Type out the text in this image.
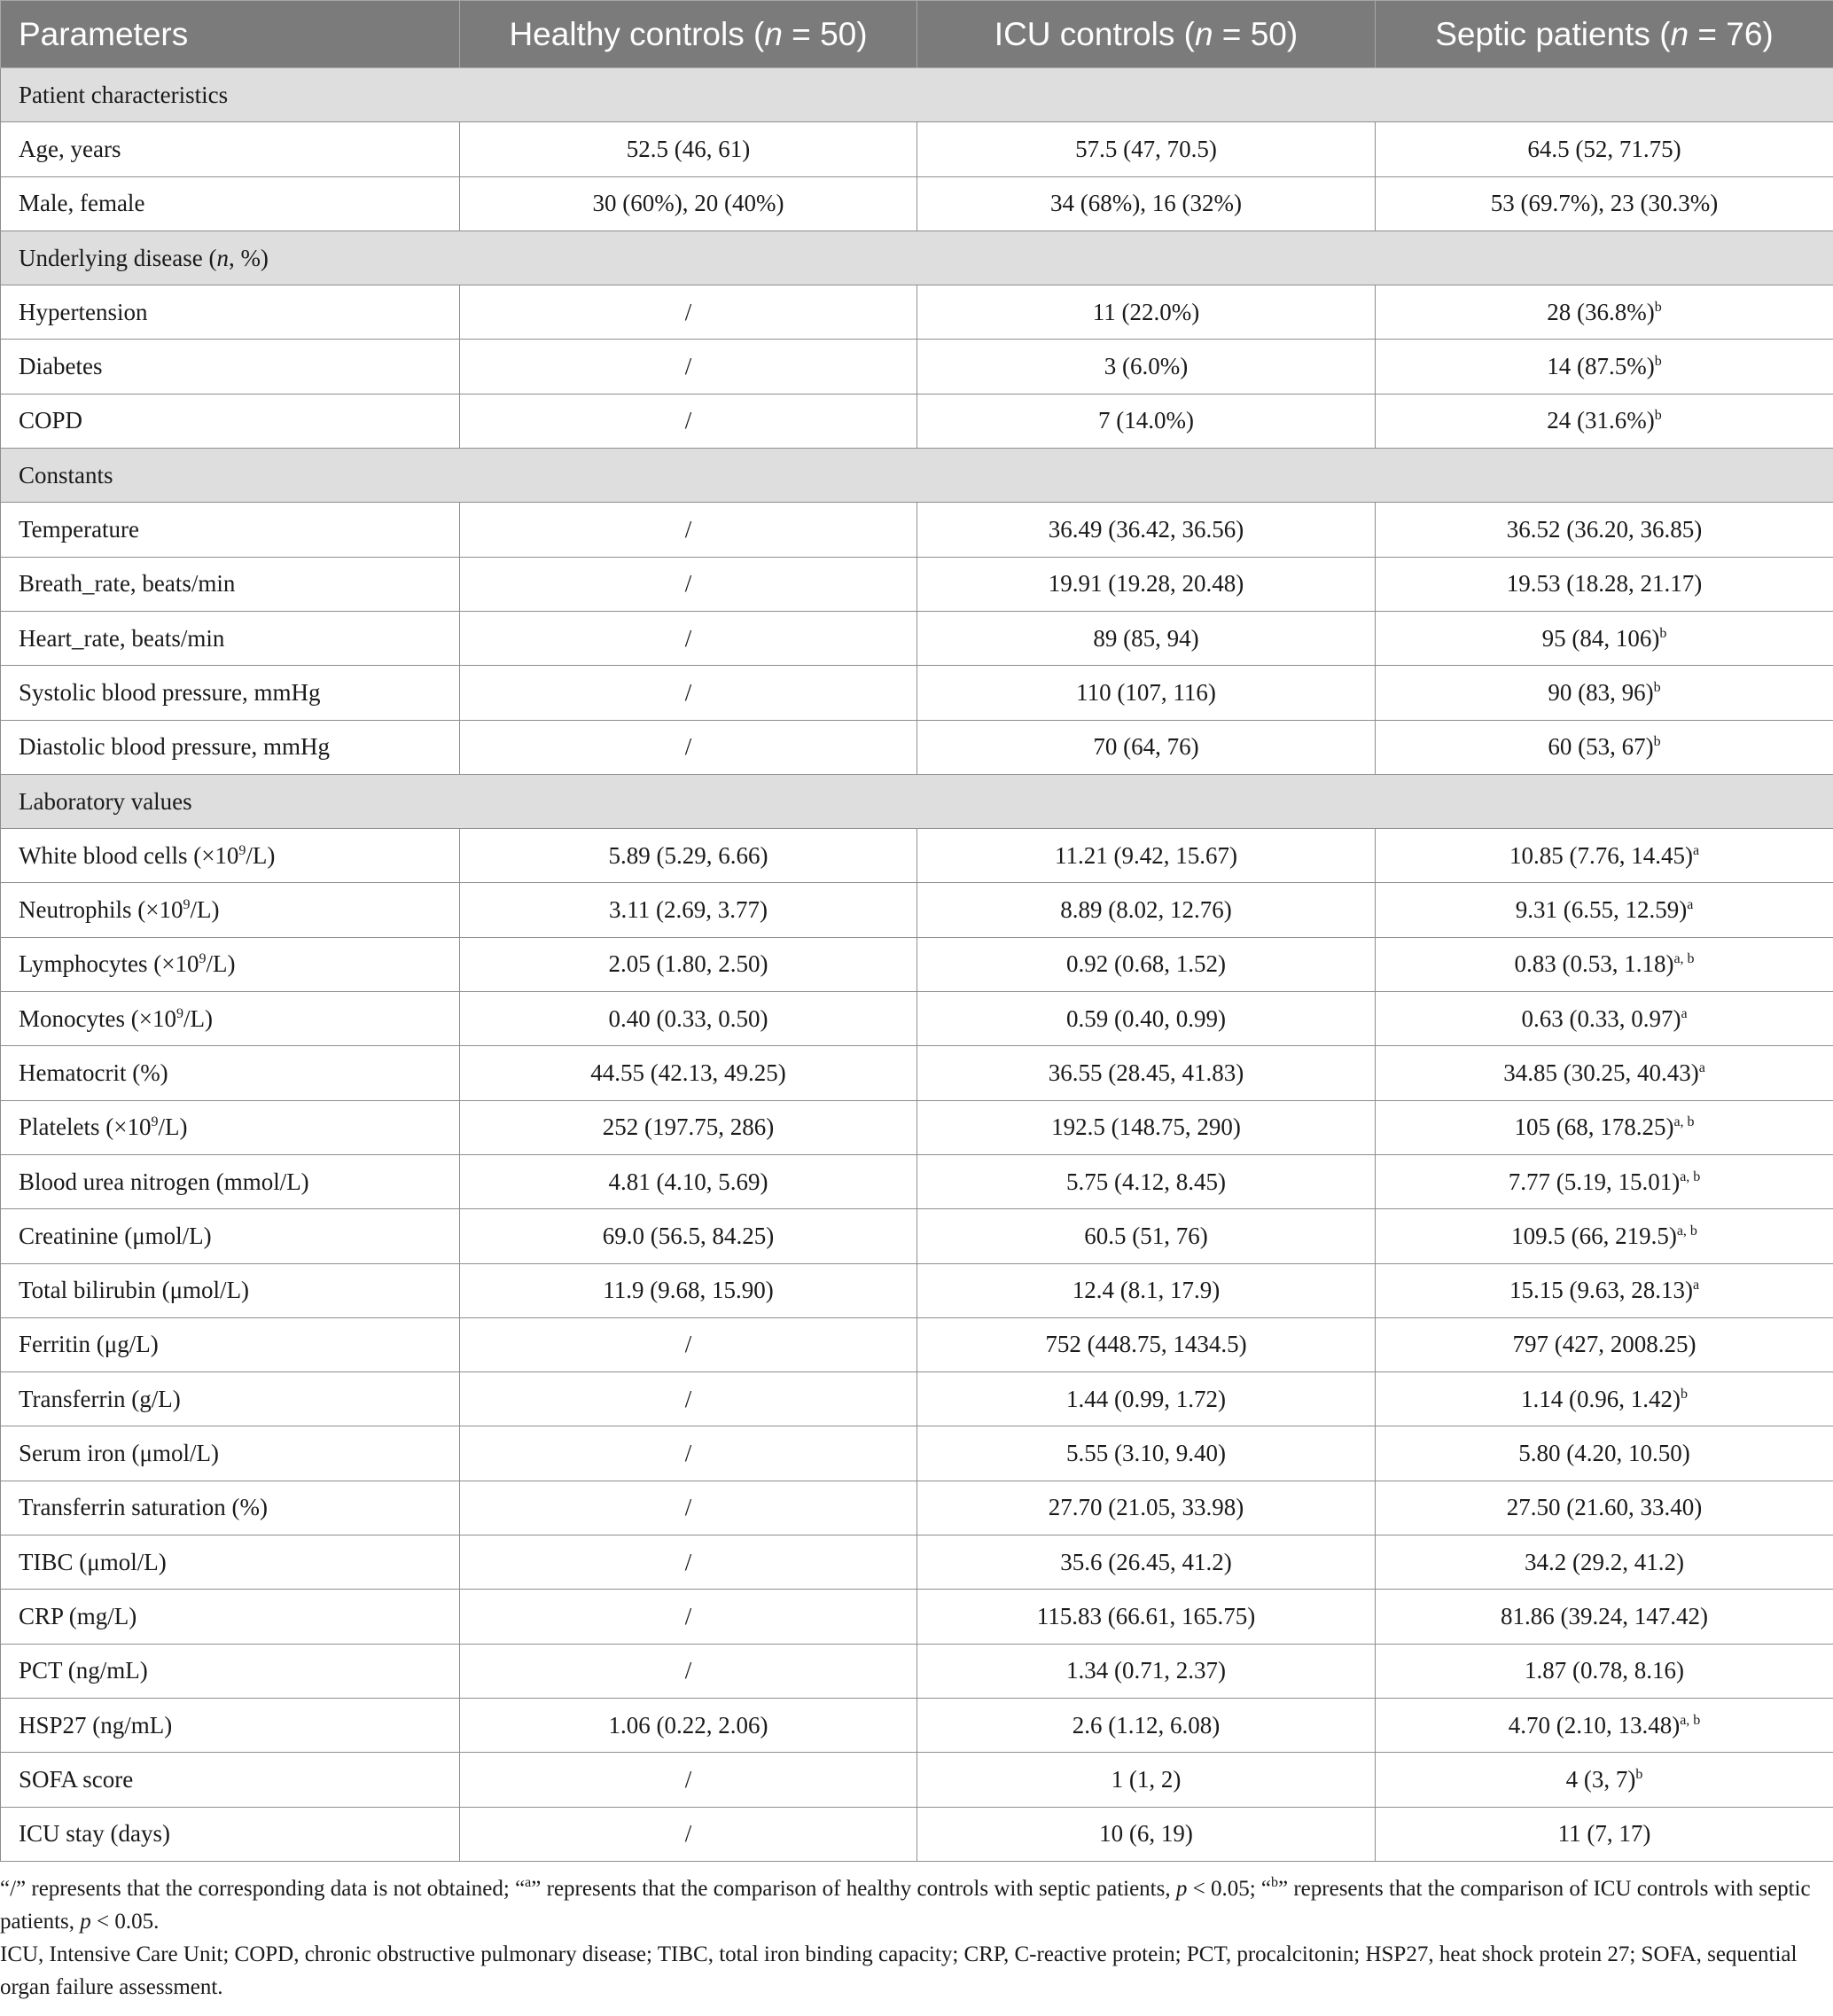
Parameters	Healthy controls (n = 50)	ICU controls (n = 50)	Septic patients (n = 76)
Patient characteristics			
Age, years	52.5 (46, 61)	57.5 (47, 70.5)	64.5 (52, 71.75)
Male, female	30 (60%), 20 (40%)	34 (68%), 16 (32%)	53 (69.7%), 23 (30.3%)
Underlying disease (n, %)			
Hypertension	/	11 (22.0%)	28 $(36.8\%)^b$
Diabetes	/	3 (6.0%)	14 $(87.5\%)^b$
COPD	/	7 (14.0%)	24 $(31.6\%)^b$
Constants			
Temperature	/	36.49 (36.42, 36.56)	36.52 (36.20, 36.85)
Breath_rate, beats/min	/	19.91 (19.28, 20.48)	19.53 (18.28, 21.17)
Heart_rate, beats/min	/	89 (85, 94)	95 (84, 106)$^b$
Systolic blood pressure, mmHg	/	110 (107, 116)	90 (83, 96)$^b$
Diastolic blood pressure, mmHg	/	70 (64, 76)	60 (53, 67)$^b$
Laboratory values			
White blood cells $(\times 10^9/L)$	5.89 (5.29, 6.66)	11.21 (9.42, 15.67)	10.85 (7.76, 14.45)$^a$
Neutrophils $(\times 10^9/L)$	3.11 (2.69, 3.77)	8.89 (8.02, 12.76)	9.31 (6.55, 12.59)$^a$
Lymphocytes $(\times 10^9/L)$	2.05 (1.80, 2.50)	0.92 (0.68, 1.52)	0.83 (0.53, 1.18)$^{a, b}$
Monocytes $(\times 10^9/L)$	0.40 (0.33, 0.50)	0.59 (0.40, 0.99)	0.63 (0.33, 0.97)$^a$
Hematocrit (%)	44.55 (42.13, 49.25)	36.55 (28.45, 41.83)	34.85 (30.25, 40.43)$^a$
Platelets $(\times 10^9/L)$	252 (197.75, 286)	192.5 (148.75, 290)	105 (68, 178.25)$^{a, b}$
Blood urea nitrogen (mmol/L)	4.81 (4.10, 5.69)	5.75 (4.12, 8.45)	7.77 (5.19, 15.01)$^{a, b}$
Creatinine (μmol/L)	69.0 (56.5, 84.25)	60.5 (51, 76)	109.5 (66, 219.5)$^{a, b}$
Total bilirubin (μmol/L)	11.9 (9.68, 15.90)	12.4 (8.1, 17.9)	15.15 (9.63, 28.13)$^a$
Ferritin (μg/L)	/	752 (448.75, 1434.5)	797 (427, 2008.25)
Transferrin (g/L)	/	1.44 (0.99, 1.72)	1.14 (0.96, 1.42)$^b$
Serum iron (μmol/L)	/	5.55 (3.10, 9.40)	5.80 (4.20, 10.50)
Transferrin saturation (%)	/	27.70 (21.05, 33.98)	27.50 (21.60, 33.40)
TIBC (μmol/L)	/	35.6 (26.45, 41.2)	34.2 (29.2, 41.2)
CRP (mg/L)	/	115.83 (66.61, 165.75)	81.86 (39.24, 147.42)
PCT (ng/mL)	/	1.34 (0.71, 2.37)	1.87 (0.78, 8.16)
HSP27 (ng/mL)	1.06 (0.22, 2.06)	2.6 (1.12, 6.08)	4.70 (2.10, 13.48)$^{a, b}$
SOFA score	/	1 (1, 2)	4 (3, 7)$^b$
ICU stay (days)	/	10 (6, 19)	11 (7, 17)

“/” represents that the corresponding data is not obtained; “$^a$” represents that the comparison of healthy controls with septic patients, p < 0.05; “$^b$” represents that the comparison of ICU controls with septic patients, p < 0.05.

ICU, Intensive Care Unit; COPD, chronic obstructive pulmonary disease; TIBC, total iron binding capacity; CRP, C-reactive protein; PCT, procalcitonin; HSP27, heat shock protein 27; SOFA, sequential organ failure assessment.
